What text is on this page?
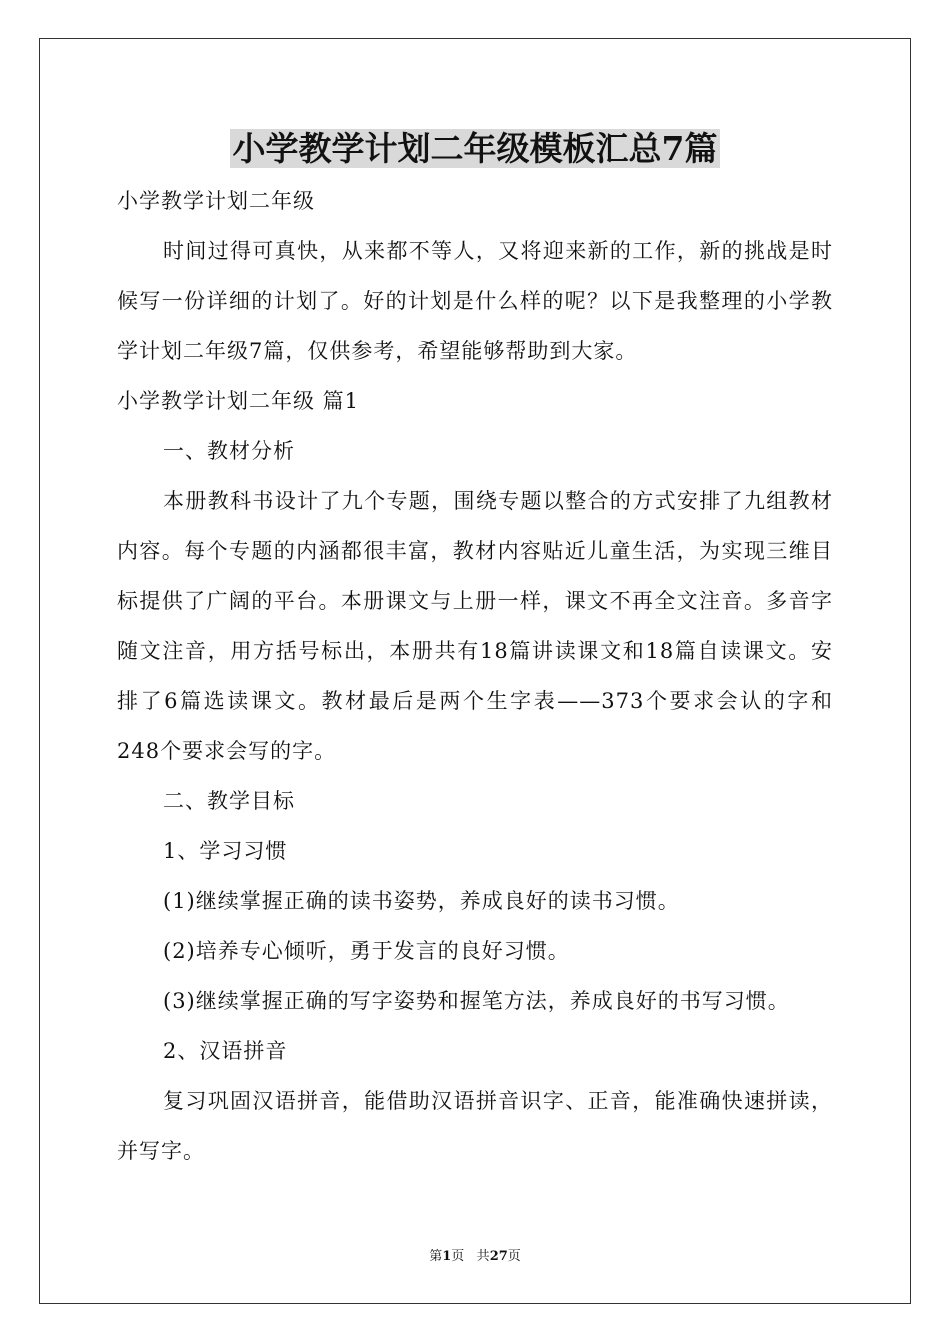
小学教学计划二年级模板汇总7篇

小学教学计划二年级

时间过得可真快，从来都不等人，又将迎来新的工作，新的挑战是时候写一份详细的计划了。好的计划是什么样的呢？以下是我整理的小学教学计划二年级7篇，仅供参考，希望能够帮助到大家。

小学教学计划二年级 篇1

一、教材分析

本册教科书设计了九个专题，围绕专题以整合的方式安排了九组教材内容。每个专题的内涵都很丰富，教材内容贴近儿童生活，为实现三维目标提供了广阔的平台。本册课文与上册一样，课文不再全文注音。多音字随文注音，用方括号标出，本册共有18篇讲读课文和18篇自读课文。安排了6篇选读课文。教材最后是两个生字表——373个要求会认的字和248个要求会写的字。

二、教学目标

1、学习习惯

(1)继续掌握正确的读书姿势，养成良好的读书习惯。

(2)培养专心倾听，勇于发言的良好习惯。

(3)继续掌握正确的写字姿势和握笔方法，养成良好的书写习惯。

2、汉语拼音

复习巩固汉语拼音，能借助汉语拼音识字、正音，能准确快速拼读，并写字。

第1页 共27页
